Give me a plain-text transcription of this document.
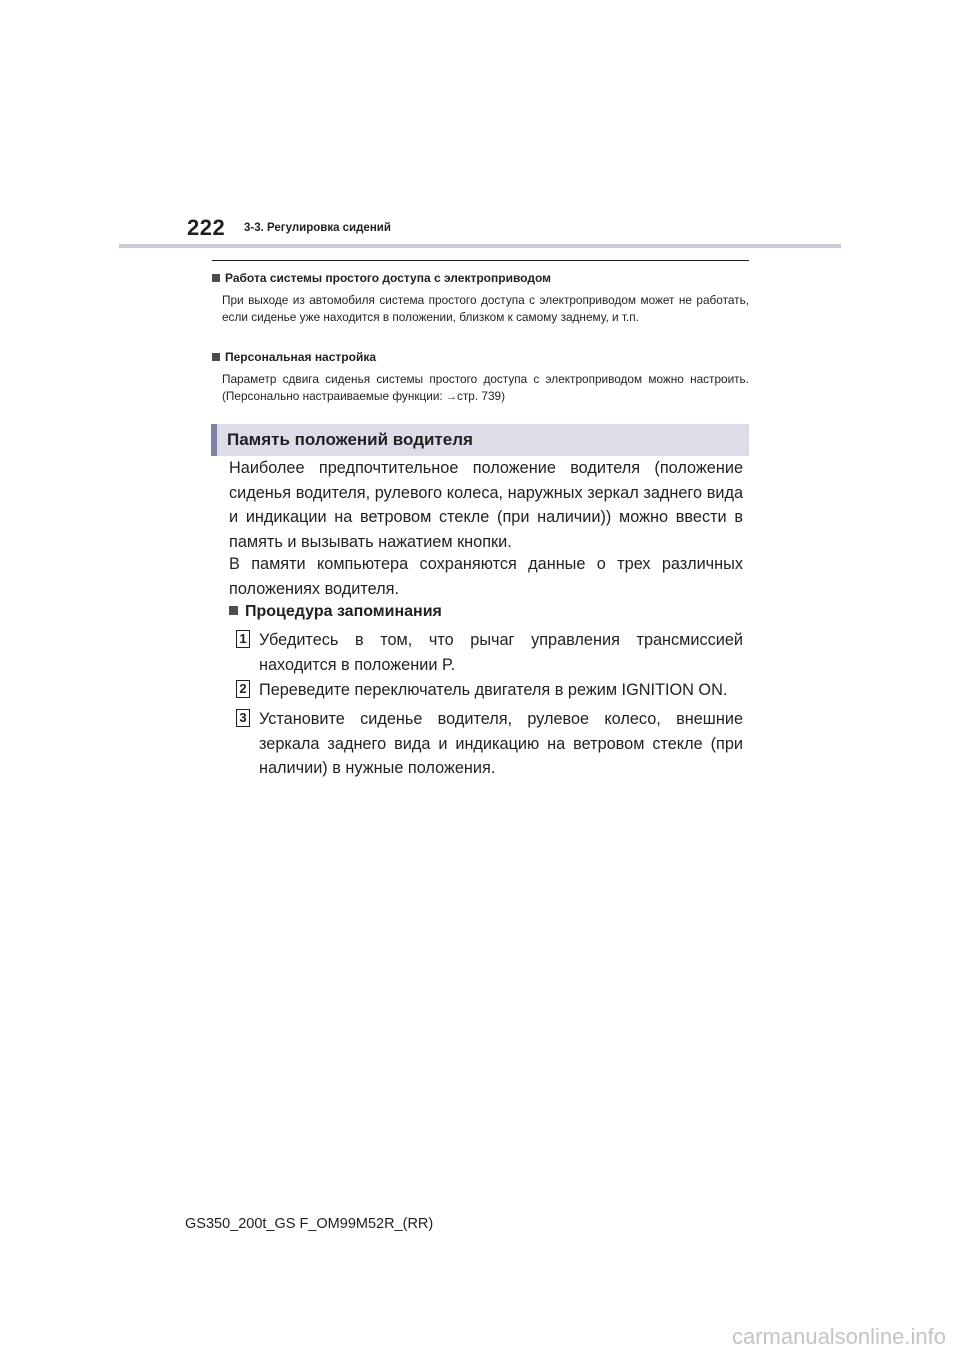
222 3-3. Регулировка сидений
Работа системы простого доступа с электроприводом
При выходе из автомобиля система простого доступа с электроприводом может не работать, если сиденье уже находится в положении, близком к самому заднему, и т.п.
Персональная настройка
Параметр сдвига сиденья системы простого доступа с электроприводом можно настроить. (Персонально настраиваемые функции: →стр. 739)
Память положений водителя
Наиболее предпочтительное положение водителя (положение сиденья водителя, рулевого колеса, наружных зеркал заднего вида и индикации на ветровом стекле (при наличии)) можно ввести в память и вызывать нажатием кнопки.
В памяти компьютера сохраняются данные о трех различных положениях водителя.
Процедура запоминания
1 Убедитесь в том, что рычаг управления трансмиссией находится в положении P.
2 Переведите переключатель двигателя в режим IGNITION ON.
3 Установите сиденье водителя, рулевое колесо, внешние зеркала заднего вида и индикацию на ветровом стекле (при наличии) в нужные положения.
GS350_200t_GS F_OM99M52R_(RR)
carmanualsonline.info
